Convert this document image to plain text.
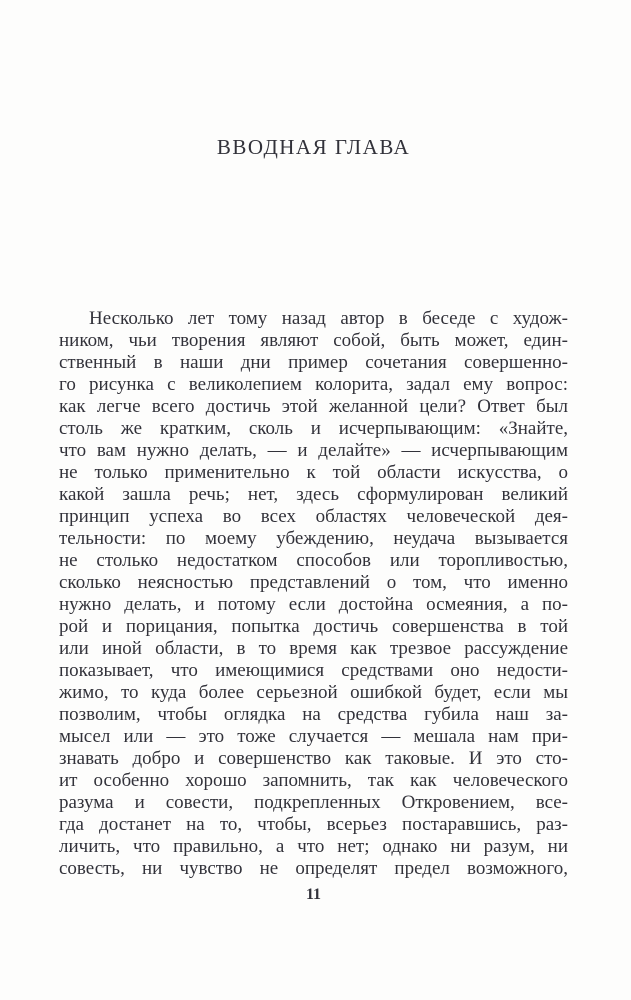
ВВОДНАЯ ГЛАВА
Несколько лет тому назад автор в беседе с худож-
ником, чьи творения являют собой, быть может, един-
ственный в наши дни пример сочетания совершенно-
го рисунка с великолепием колорита, задал ему вопрос:
как легче всего достичь этой желанной цели? Ответ был
столь же кратким, сколь и исчерпывающим: «Знайте,
что вам нужно делать, — и делайте» — исчерпывающим
не только применительно к той области искусства, о
какой зашла речь; нет, здесь сформулирован великий
принцип успеха во всех областях человеческой дея-
тельности: по моему убеждению, неудача вызывается
не столько недостатком способов или торопливостью,
сколько неясностью представлений о том, что именно
нужно делать, и потому если достойна осмеяния, а по-
рой и порицания, попытка достичь совершенства в той
или иной области, в то время как трезвое рассуждение
показывает, что имеющимися средствами оно недости-
жимо, то куда более серьезной ошибкой будет, если мы
позволим, чтобы оглядка на средства губила наш за-
мысел или — это тоже случается — мешала нам при-
знавать добро и совершенство как таковые. И это сто-
ит особенно хорошо запомнить, так как человеческого
разума и совести, подкрепленных Откровением, все-
гда достанет на то, чтобы, всерьез постаравшись, раз-
личить, что правильно, а что нет; однако ни разум, ни
совесть, ни чувство не определят предел возможного,
11
